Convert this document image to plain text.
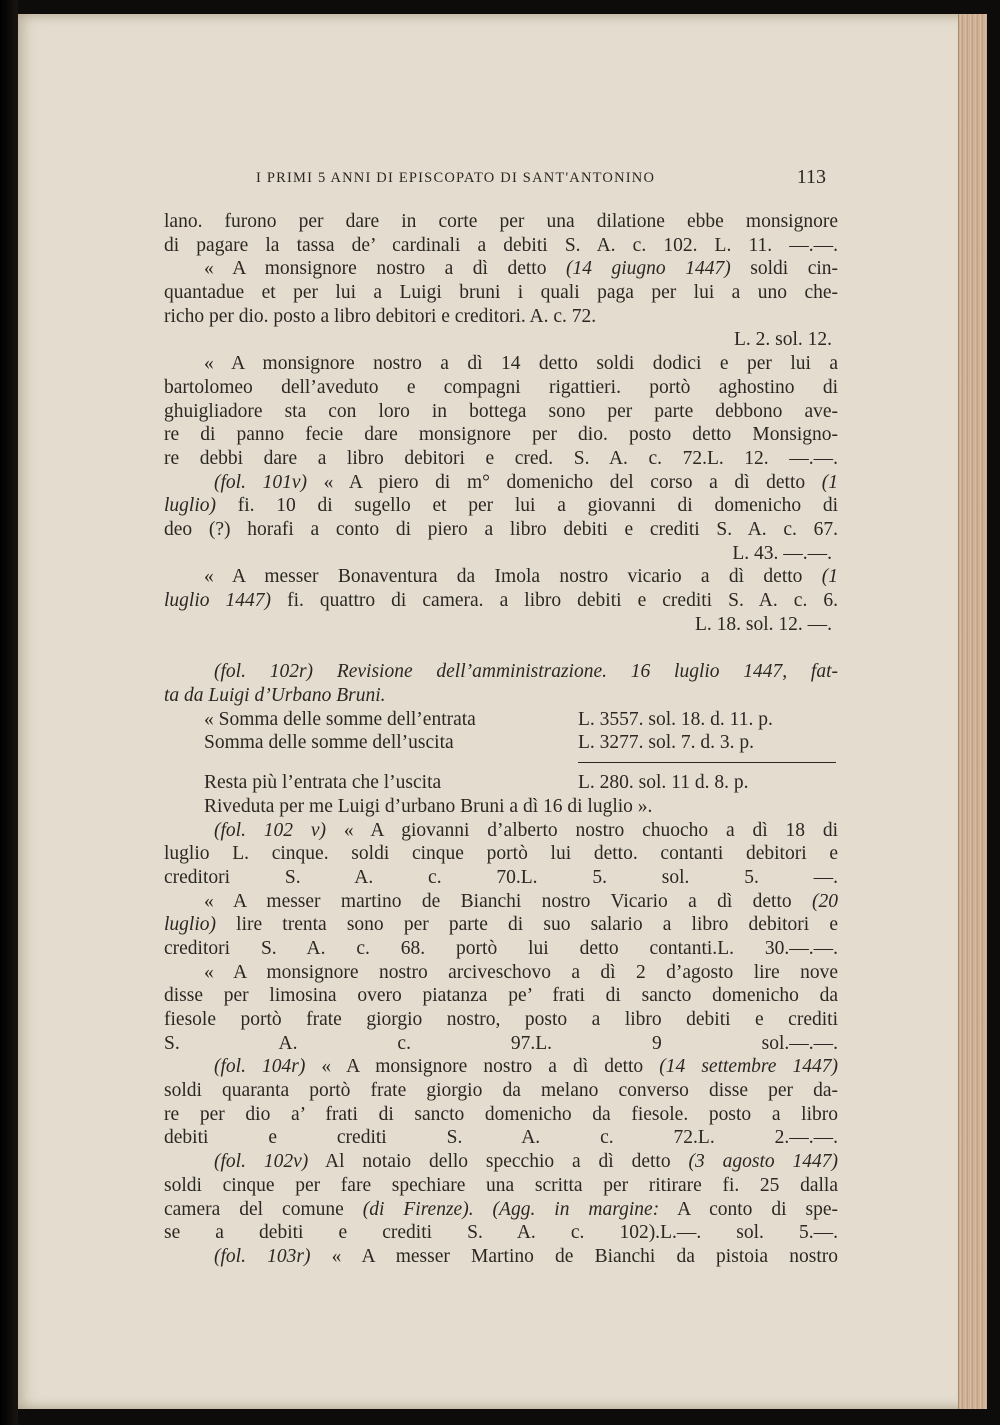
I PRIMI 5 ANNI DI EPISCOPATO DI SANT'ANTONINO	113
lano. furono per dare in corte per una dilatione ebbe monsignore
di pagare la tassa de’ cardinali a debiti S. A. c. 102. L. 11. —.—.
« A monsignore nostro a dì detto (14 giugno 1447) soldi cin-
quantadue et per lui a Luigi bruni i quali paga per lui a uno che-
richo per dio. posto a libro debitori e creditori. A. c. 72.
L. 2. sol. 12.
« A monsignore nostro a dì 14 detto soldi dodici e per lui a
bartolomeo dell’aveduto e compagni rigattieri. portò aghostino di
ghuigliadore sta con loro in bottega sono per parte debbono ave-
re di panno fecie dare monsignore per dio. posto detto Monsigno-
re debbi dare a libro debitori e cred. S. A. c. 72.L. 12. —.—.
(fol. 101v) « A piero di m° domenicho del corso a dì detto (1
luglio) fi. 10 di sugello et per lui a giovanni di domenicho di
deo (?) horafi a conto di piero a libro debiti e crediti S. A. c. 67.
L. 43. —.—.
« A messer Bonaventura da Imola nostro vicario a dì detto (1
luglio 1447) fi. quattro di camera. a libro debiti e crediti S. A. c. 6.
L. 18. sol. 12. —.
(fol. 102r) Revisione dell’amministrazione. 16 luglio 1447, fat-
ta da Luigi d’Urbano Bruni.
« Somma delle somme dell’entrata	L. 3557. sol. 18. d. 11. p.
Somma delle somme dell’uscita	L. 3277. sol. 7. d. 3. p.
Resta più l’entrata che l’uscita	L. 280. sol. 11 d. 8. p.
Riveduta per me Luigi d’urbano Bruni a dì 16 di luglio ».
(fol. 102 v) « A giovanni d’alberto nostro chuocho a dì 18 di
luglio L. cinque. soldi cinque portò lui detto. contanti debitori e
creditori S. A. c. 70.L. 5. sol. 5. —.
« A messer martino de Bianchi nostro Vicario a dì detto (20
luglio) lire trenta sono per parte di suo salario a libro debitori e
creditori S. A. c. 68. portò lui detto contanti.L. 30.—.—.
« A monsignore nostro arciveschovo a dì 2 d’agosto lire nove
disse per limosina overo piatanza pe’ frati di sancto domenicho da
fiesole portò frate giorgio nostro, posto a libro debiti e crediti
S. A. c. 97.L. 9 sol.—.—.
(fol. 104r) « A monsignore nostro a dì detto (14 settembre 1447)
soldi quaranta portò frate giorgio da melano converso disse per da-
re per dio a’ frati di sancto domenicho da fiesole. posto a libro
debiti e crediti S. A. c. 72.L. 2.—.—.
(fol. 102v) Al notaio dello specchio a dì detto (3 agosto 1447)
soldi cinque per fare spechiare una scritta per ritirare fi. 25 dalla
camera del comune (di Firenze). (Agg. in margine: A conto di spe-
se a debiti e crediti S. A. c. 102).L.—. sol. 5.—.
(fol. 103r) « A messer Martino de Bianchi da pistoia nostro
